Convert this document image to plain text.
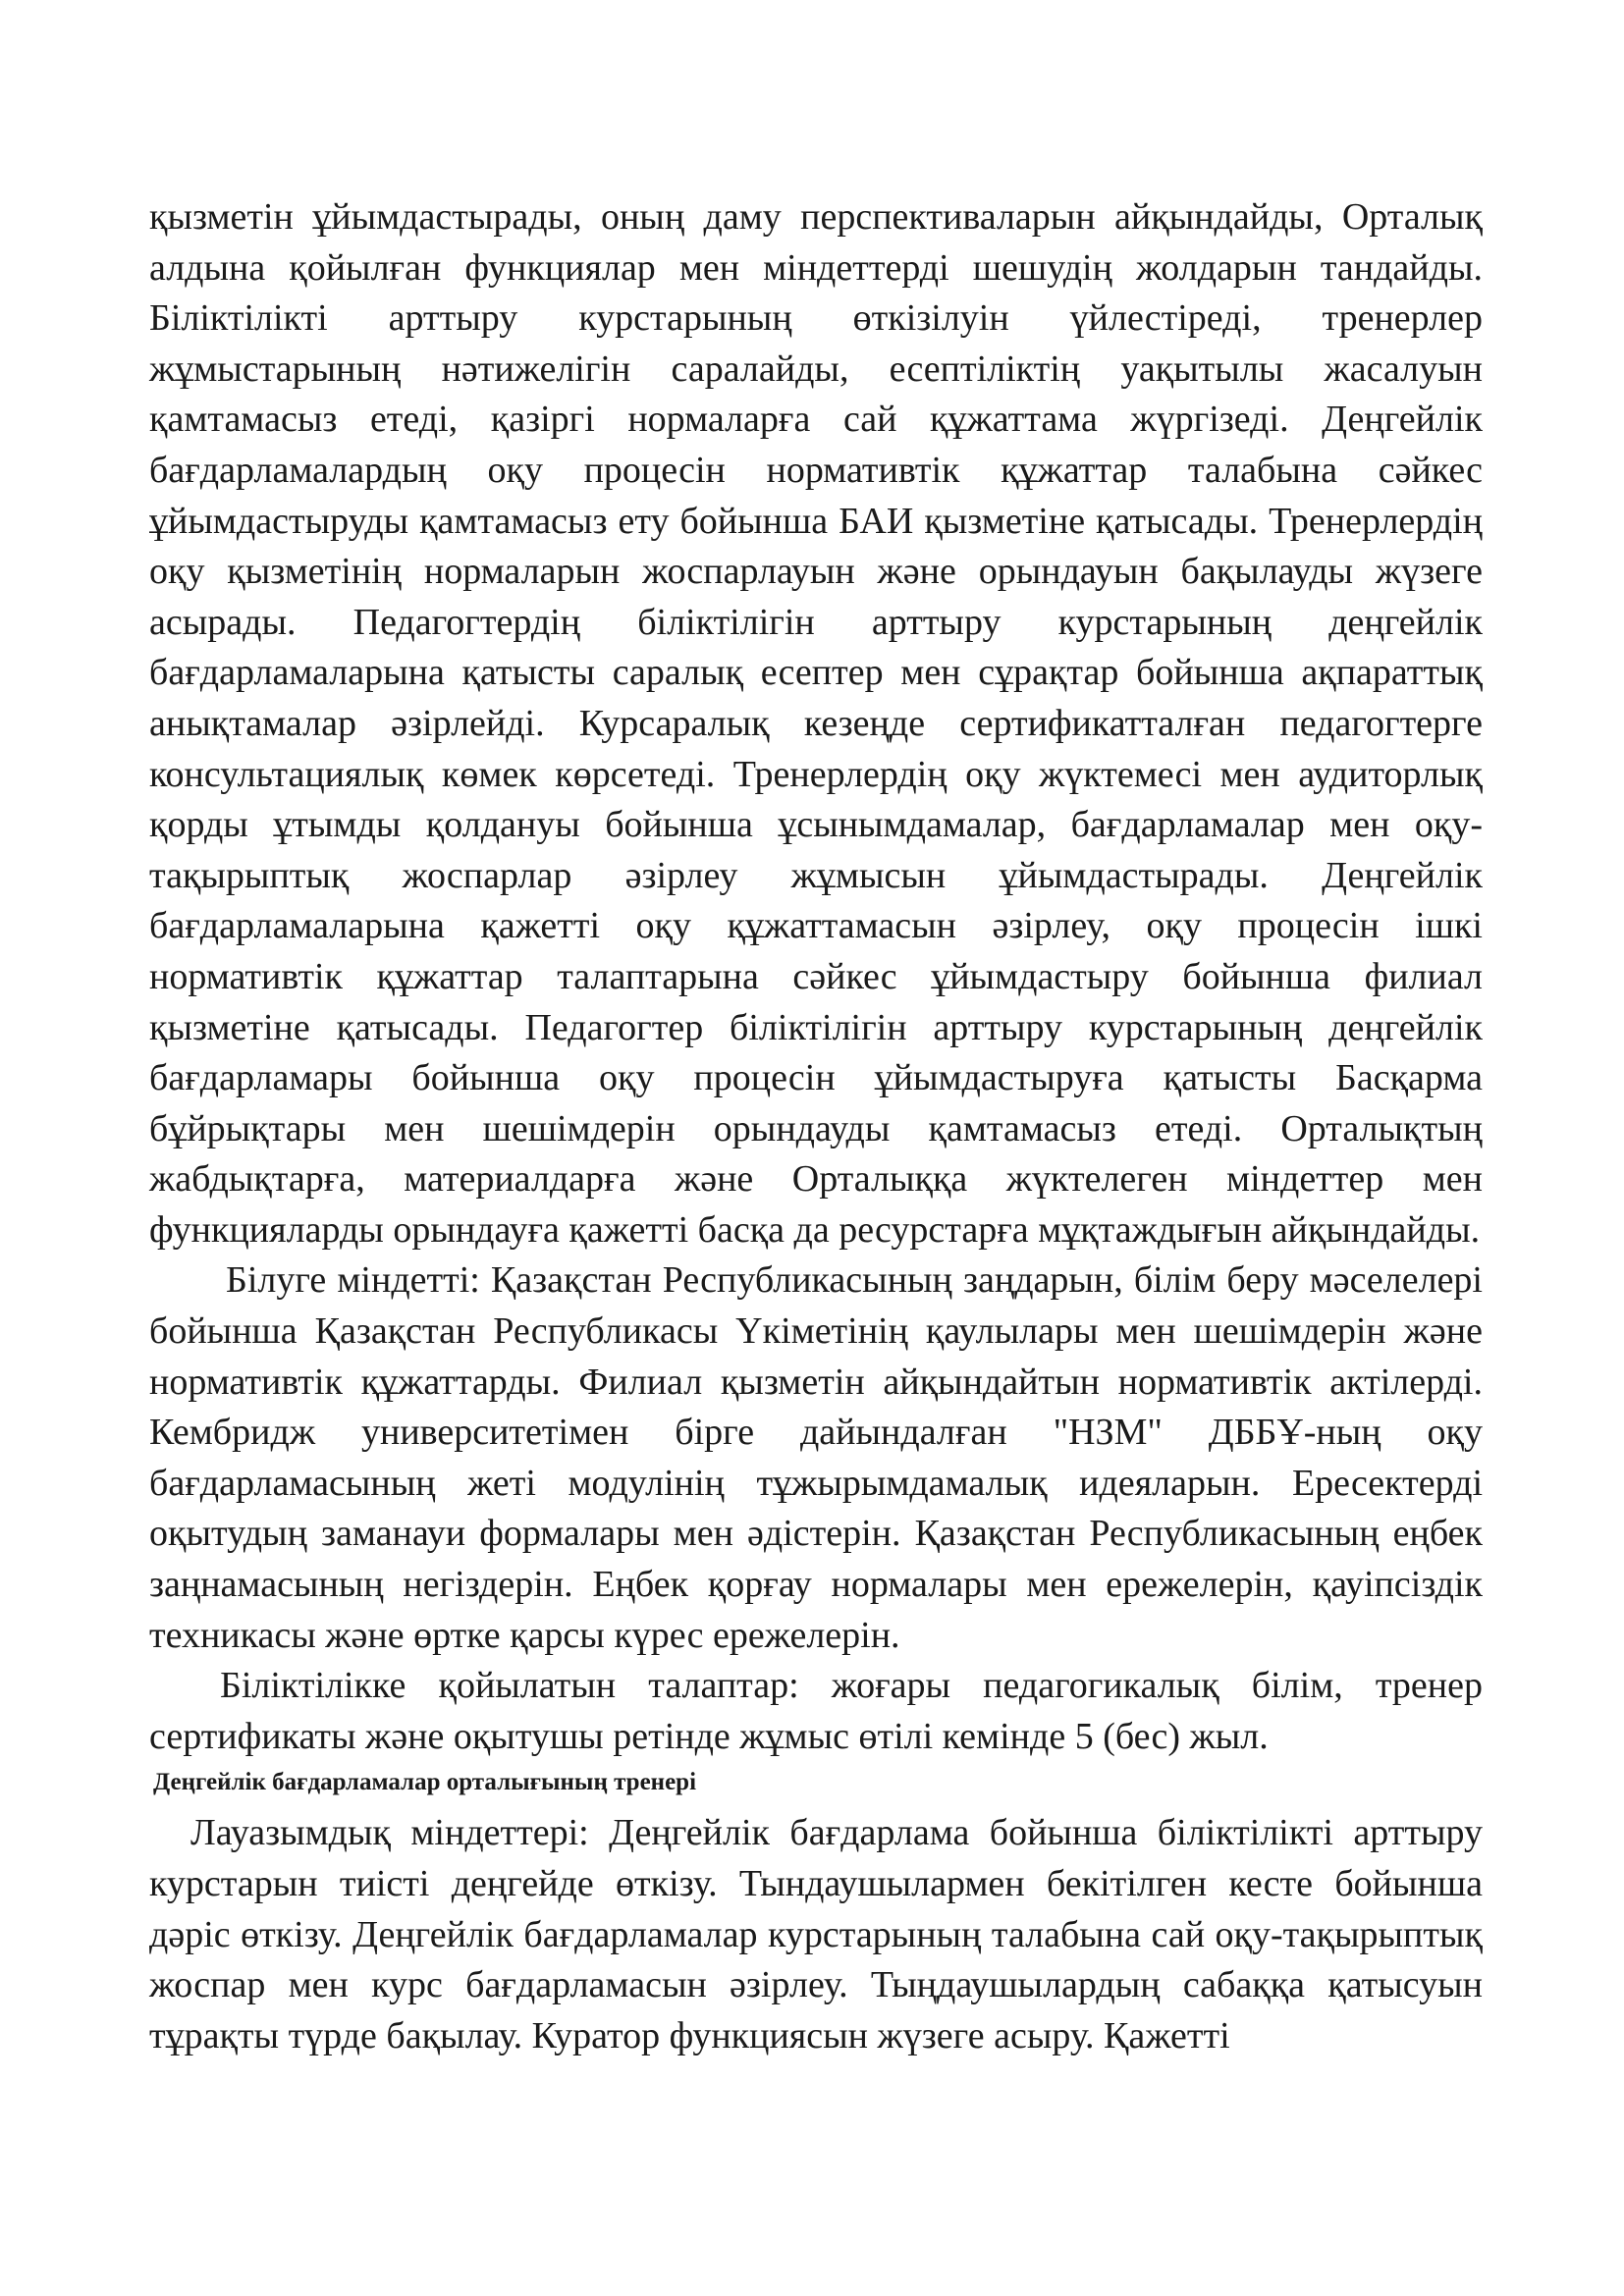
қызметін ұйымдастырады, оның даму перспективаларын айқындайды, Орталық алдына қойылған функциялар мен міндеттерді шешудің жолдарын тандайды. Біліктілікті арттыру курстарының өткізілуін үйлестіреді, тренерлер жұмыстарының нәтижелігін саралайды, есептіліктің уақытылы жасалуын қамтамасыз етеді, қазіргі нормаларға сай құжаттама жүргізеді. Деңгейлік бағдарламалардың оқу процесін нормативтік құжаттар талабына сәйкес ұйымдастыруды қамтамасыз ету бойынша БАИ қызметіне қатысады. Тренерлердің оқу қызметінің нормаларын жоспарлауын және орындауын бақылауды жүзеге асырады. Педагогтердің біліктілігін арттыру курстарының деңгейлік бағдарламаларына қатысты саралық есептер мен сұрақтар бойынша ақпараттық анықтамалар әзірлейді. Курсаралық кезеңде сертификатталған педагогтерге консультациялық көмек көрсетеді. Тренерлердің оқу жүктемесі мен аудиторлық қорды ұтымды қолдануы бойынша ұсынымдамалар, бағдарламалар мен оқу-тақырыптық жоспарлар әзірлеу жұмысын ұйымдастырады. Деңгейлік бағдарламаларына қажетті оқу құжаттамасын әзірлеу, оқу процесін ішкі нормативтік құжаттар талаптарына сәйкес ұйымдастыру бойынша филиал қызметіне қатысады. Педагогтер біліктілігін арттыру курстарының деңгейлік бағдарламары бойынша оқу процесін ұйымдастыруға қатысты Басқарма бұйрықтары мен шешімдерін орындауды қамтамасыз етеді. Орталықтың жабдықтарға, материалдарға және Орталыққа жүктелеген міндеттер мен функцияларды орындауға қажетті басқа да ресурстарға мұқтаждығын айқындайды.

Білуге міндетті: Қазақстан Республикасының заңдарын, білім беру мәселелері бойынша Қазақстан Республикасы Үкіметінің қаулылары мен шешімдерін және нормативтік құжаттарды. Филиал қызметін айқындайтын нормативтік актілерді. Кембридж университетімен бірге дайындалған "НЗМ" ДББҰ-ның оқу бағдарламасының жеті модулінің тұжырымдамалық идеяларын. Ересектерді оқытудың заманауи формалары мен әдістерін. Қазақстан Республикасының еңбек заңнамасының негіздерін. Еңбек қорғау нормалары мен ережелерін, қауіпсіздік техникасы және өртке қарсы күрес ережелерін.

Біліктілікке қойылатын талаптар: жоғары педагогикалық білім, тренер сертификаты және оқытушы ретінде жұмыс өтілі кемінде 5 (бес) жыл.

Деңгейлік бағдарламалар орталығының тренері

Лауазымдық міндеттері: Деңгейлік бағдарлама бойынша біліктілікті арттыру курстарын тиісті деңгейде өткізу. Тындаушылармен бекітілген кесте бойынша дәріс өткізу. Деңгейлік бағдарламалар курстарының талабына сай оқу-тақырыптық жоспар мен курс бағдарламасын әзірлеу. Тыңдаушылардың сабаққа қатысуын тұрақты түрде бақылау. Куратор функциясын жүзеге асыру. Қажетті
